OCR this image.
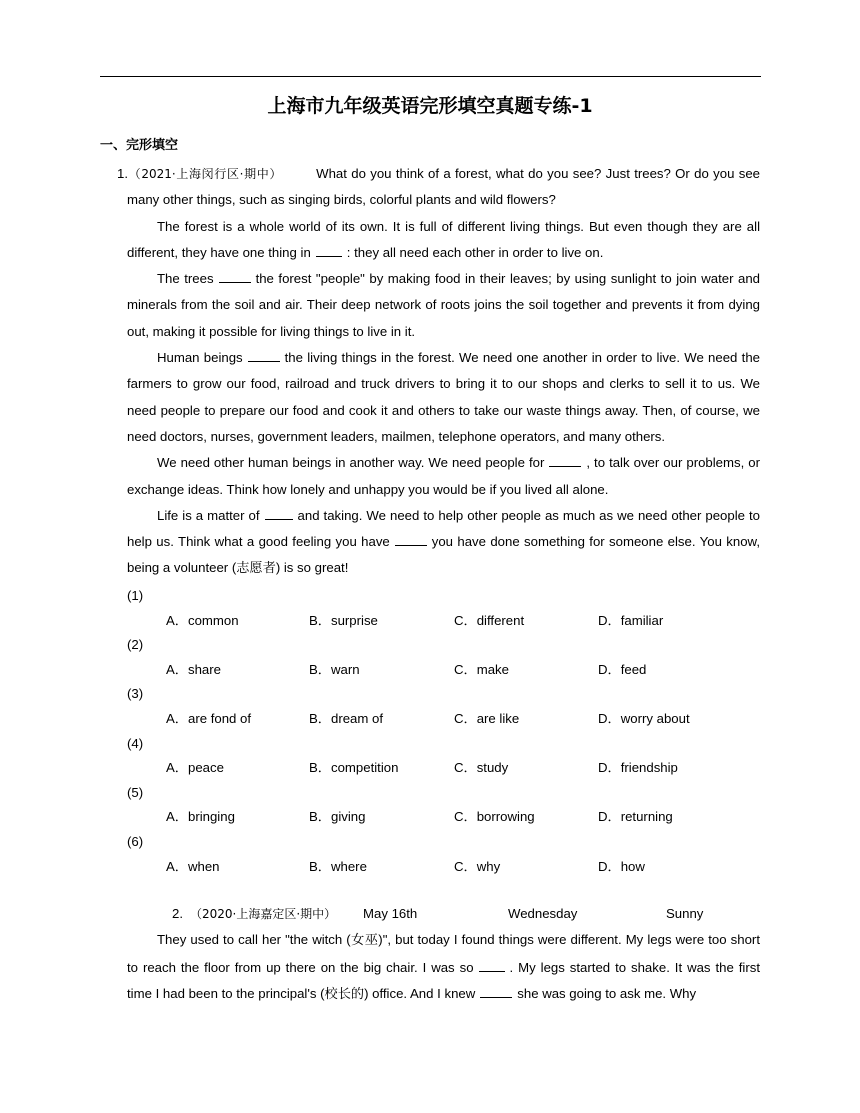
上海市九年级英语完形填空真题专练-1
一、完形填空

1.（2021·上海闵行区·期中）	What do you think of a forest, what do you see? Just trees? Or do you see many other things, such as singing birds, colorful plants and wild flowers?

The forest is a whole world of its own. It is full of different living things. But even though they are all different, they have one thing in	: they all need each other in order to live on.

The trees	the forest "people" by making food in their leaves; by using sunlight to join water and minerals from the soil and air. Their deep network of roots joins the soil together and prevents it from dying out, making it possible for living things to live in it.

Human beings	the living things in the forest. We need one another in order to live. We need the farmers to grow our food, railroad and truck drivers to bring it to our shops and clerks to sell it to us. We need people to prepare our food and cook it and others to take our waste things away. Then, of course, we need doctors, nurses, government leaders, mailmen, telephone operators, and many others.

We need other human beings in another way. We need people for	, to talk over our problems, or exchange ideas. Think how lonely and unhappy you would be if you lived all alone.

Life is a matter of	and taking. We need to help other people as much as we need other people to help us. Think what a good feeling you have	you have done something for someone else. You know, being a volunteer (志愿者) is so great!

(1)
A．common	B．surprise	C．different	D．familiar
(2)
A．share	B．warn	C．make	D．feed
(3)
A．are fond of	B．dream of	C．are like	D．worry about
(4)
A．peace	B．competition	C．study	D．friendship
(5)
A．bringing	B．giving	C．borrowing	D．returning
(6)
A．when	B．where	C．why	D．how
2. （2020·上海嘉定区·期中） May 16th	Wednesday	Sunny

They used to call her "the witch (女巫)", but today I found things were different. My legs were too short to reach the floor from up there on the big chair. I was so	. My legs started to shake. It was the first time I had been to the principal's (校长的) office. And I knew	she was going to ask me. Why
